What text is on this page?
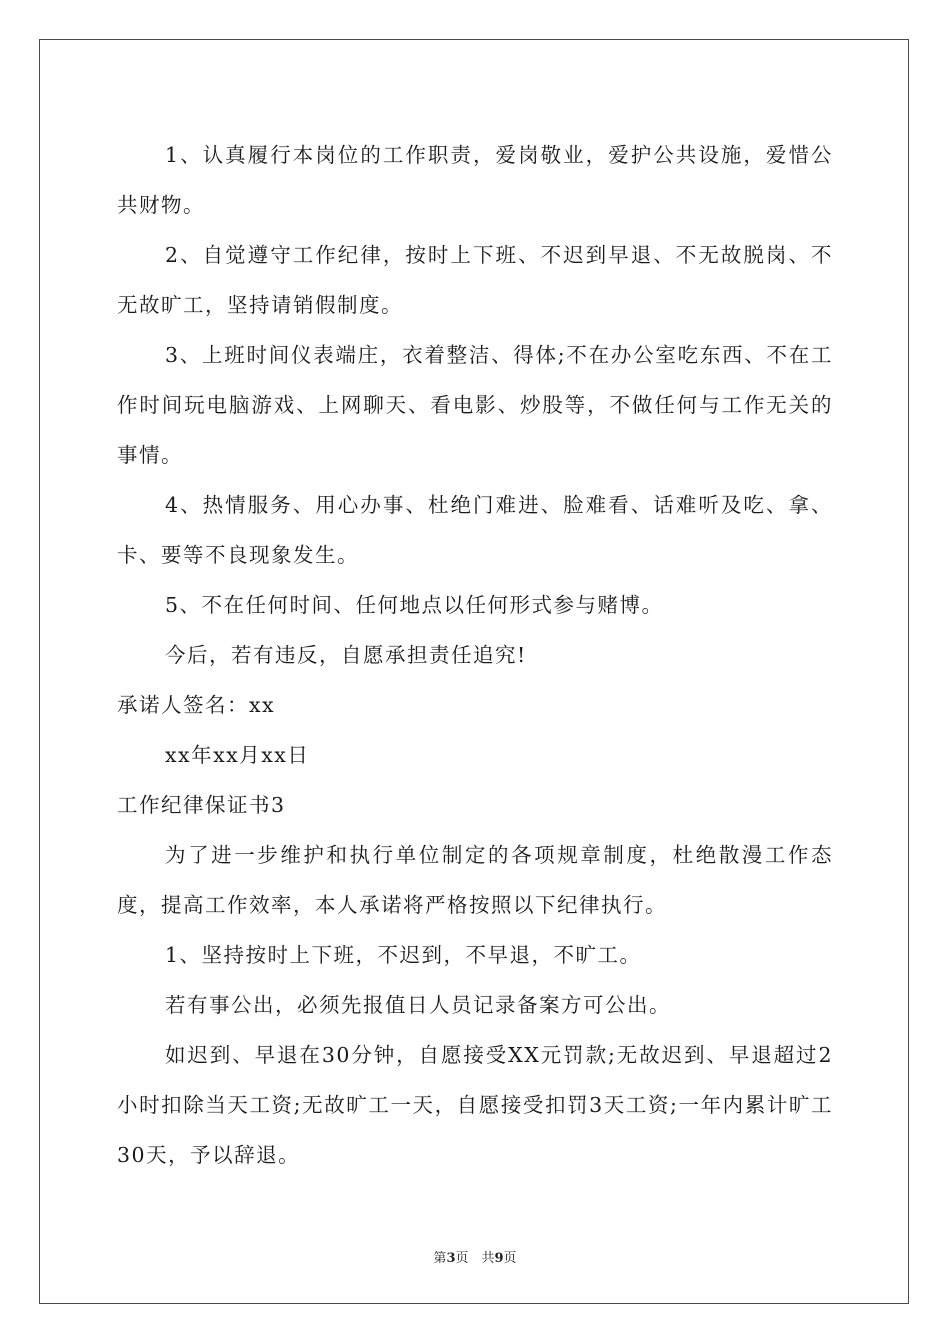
1、认真履行本岗位的工作职责，爱岗敬业，爱护公共设施，爱惜公共财物。

2、自觉遵守工作纪律，按时上下班、不迟到早退、不无故脱岗、不无故旷工，坚持请销假制度。

3、上班时间仪表端庄，衣着整洁、得体;不在办公室吃东西、不在工作时间玩电脑游戏、上网聊天、看电影、炒股等，不做任何与工作无关的事情。

4、热情服务、用心办事、杜绝门难进、脸难看、话难听及吃、拿、卡、要等不良现象发生。

5、不在任何时间、任何地点以任何形式参与赌博。

今后，若有违反，自愿承担责任追究!

承诺人签名：xx

xx年xx月xx日

工作纪律保证书3

为了进一步维护和执行单位制定的各项规章制度，杜绝散漫工作态度，提高工作效率，本人承诺将严格按照以下纪律执行。

1、坚持按时上下班，不迟到，不早退，不旷工。

若有事公出，必须先报值日人员记录备案方可公出。

如迟到、早退在30分钟，自愿接受XX元罚款;无故迟到、早退超过2小时扣除当天工资;无故旷工一天，自愿接受扣罚3天工资;一年内累计旷工30天，予以辞退。

第3页　共9页
